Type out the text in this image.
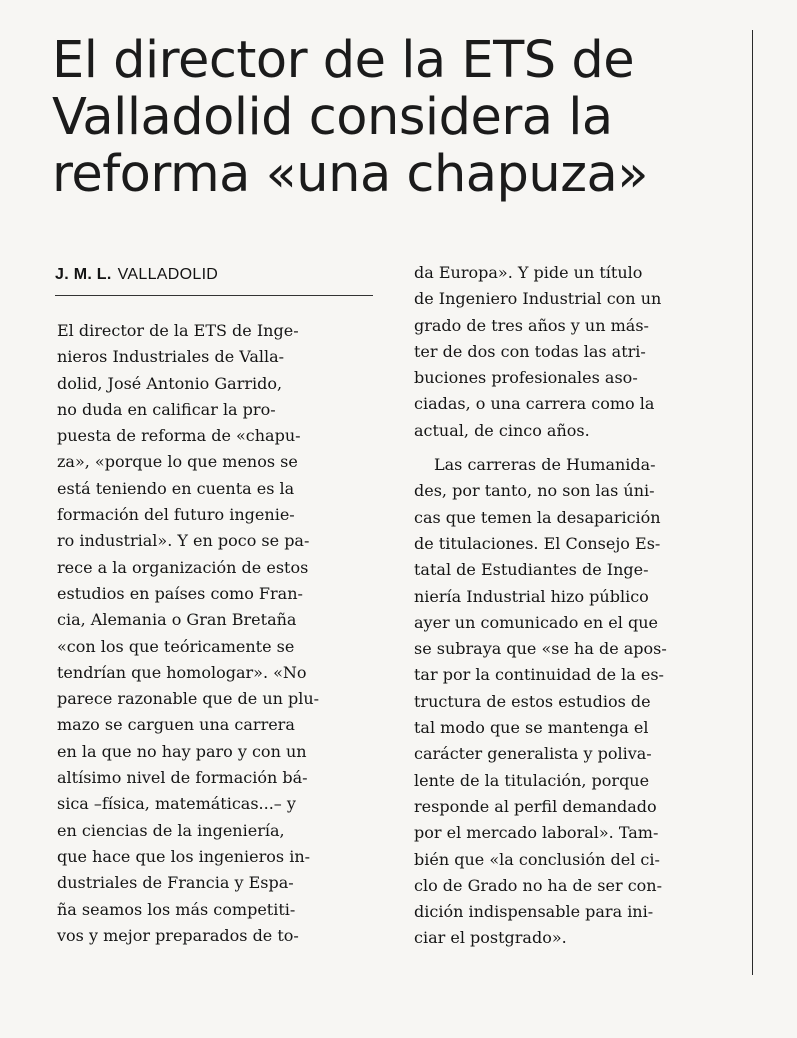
El director de la ETS de
Valladolid considera la
reforma «una chapuza»
J. M. L. VALLADOLID
El director de la ETS de Inge-
nieros Industriales de Valla-
dolid, José Antonio Garrido,
no duda en calificar la pro-
puesta de reforma de «chapu-
za», «porque lo que menos se
está teniendo en cuenta es la
formación del futuro ingenie-
ro industrial». Y en poco se pa-
rece a la organización de estos
estudios en países como Fran-
cia, Alemania o Gran Bretaña
«con los que teóricamente se
tendrían que homologar». «No
parece razonable que de un plu-
mazo se carguen una carrera
en la que no hay paro y con un
altísimo nivel de formación bá-
sica –física, matemáticas...– y
en ciencias de la ingeniería,
que hace que los ingenieros in-
dustriales de Francia y Espa-
ña seamos los más competiti-
vos y mejor preparados de to-
da Europa». Y pide un título
de Ingeniero Industrial con un
grado de tres años y un más-
ter de dos con todas las atri-
buciones profesionales aso-
ciadas, o una carrera como la
actual, de cinco años.
Las carreras de Humanida-
des, por tanto, no son las úni-
cas que temen la desaparición
de titulaciones. El Consejo Es-
tatal de Estudiantes de Inge-
niería Industrial hizo público
ayer un comunicado en el que
se subraya que «se ha de apos-
tar por la continuidad de la es-
tructura de estos estudios de
tal modo que se mantenga el
carácter generalista y poliva-
lente de la titulación, porque
responde al perfil demandado
por el mercado laboral». Tam-
bién que «la conclusión del ci-
clo de Grado no ha de ser con-
dición indispensable para ini-
ciar el postgrado».
